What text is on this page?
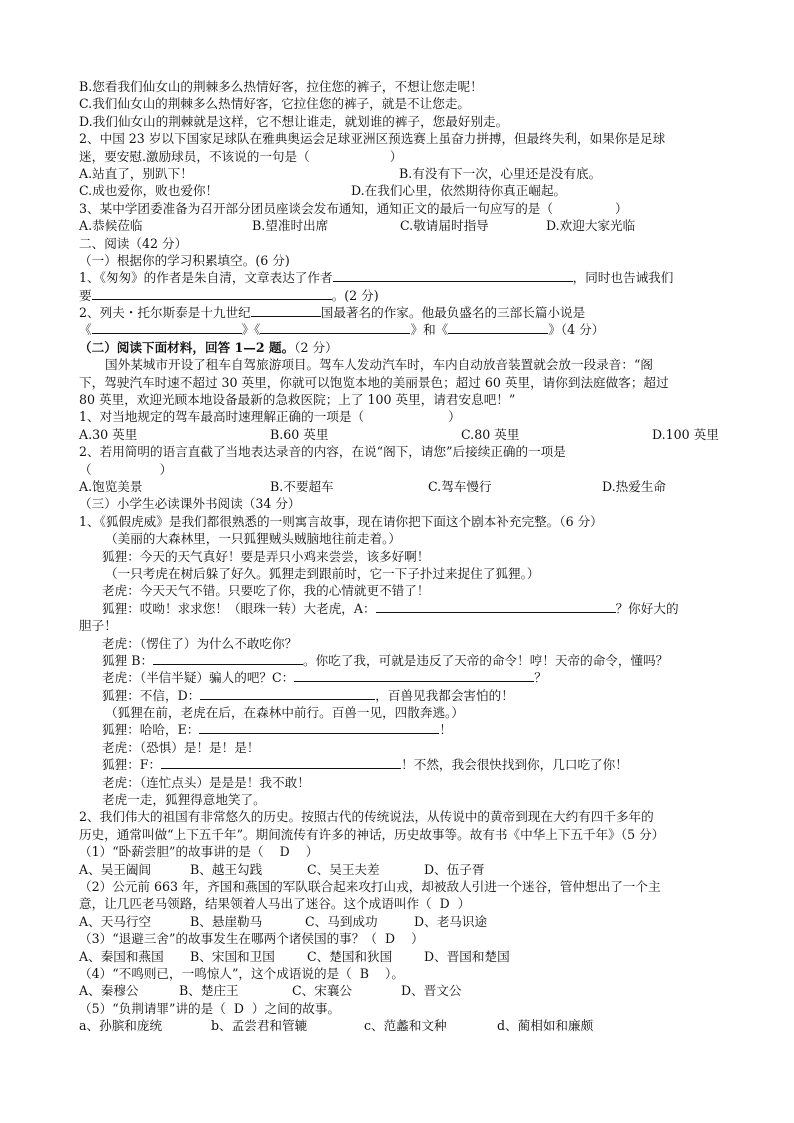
B.您看我们仙女山的荆棘多么热情好客，拉住您的裤子，不想让您走呢！
C.我们仙女山的荆棘多么热情好客，它拉住您的裤子，就是不让您走。
D.我们仙女山的荆棘就是这样，它不想让谁走，就划谁的裤子，您最好别走。
2、中国 23 岁以下国家足球队在雅典奥运会足球亚洲区预选赛上虽奋力拼搏，但最终失利，如果你是足球
迷，要安慰.激励球员，不该说的一句是（	）
A.站直了，别趴下！	B.有没有下一次，心里还是没有底。
C.成也爱你，败也爱你！	D.在我们心里，依然期待你真正崛起。
3、某中学团委准备为召开部分团员座谈会发布通知，通知正文的最后一句应写的是（	）
A.恭候莅临	B.望准时出席	C.敬请届时指导	D.欢迎大家光临
二、阅读（42 分）
（一）根据你的学习积累填空。(6 分)
1、《匆匆》的作者是朱自清，文章表达了作者	，同时也告诫我们
要	。(2 分)
2、列夫・托尔斯泰是十九世纪	国最著名的作家。他最负盛名的三部长篇小说是
《	》《	》和《	》（4 分）
（二）阅读下面材料，回答 1—2 题。（2 分）
国外某城市开设了租车自驾旅游项目。驾车人发动汽车时，车内自动放音装置就会放一段录音：“阁
下，驾驶汽车时速不超过 30 英里，你就可以饱览本地的美丽景色；超过 60 英里，请你到法庭做客；超过
80 英里，欢迎光顾本地设备最新的急救医院；上了 100 英里，请君安息吧！”
1、对当地规定的驾车最高时速理解正确的一项是（	）
A.30 英里	B.60 英里	C.80 英里	D.100 英里
2、若用简明的语言直截了当地表达录音的内容，在说“阁下，请您”后接续正确的一项是
（	）
A.饱览美景	B.不要超车	C.驾车慢行	D.热爱生命
（三）小学生必读课外书阅读（34 分）
1、《狐假虎威》是我们都很熟悉的一则寓言故事，现在请你把下面这个剧本补充完整。（6 分）
（美丽的大森林里，一只狐狸贼头贼脑地往前走着。）
狐狸：今天的天气真好！要是弄只小鸡来尝尝，该多好啊！
（一只考虎在树后躲了好久。狐狸走到跟前时，它一下子扑过来捉住了狐狸。）
老虎：今天天气不错。只要吃了你，我的心情就更不错了！
狐狸：哎呦！求求您！（眼珠一转）大老虎，A：	？你好大的
胆子！
老虎：（愣住了）为什么不敢吃你？
狐狸 B：	。你吃了我，可就是违反了天帝的命令！哼！天帝的命令，懂吗？
老虎：（半信半疑）骗人的吧？C：	？
狐狸：不信，D：	，百兽见我都会害怕的！
（狐狸在前，老虎在后，在森林中前行。百兽一见，四散奔逃。）
狐狸：哈哈，E：	！
老虎：（恐惧）是！是！是！
狐狸：F：	！不然，我会很快找到你，几口吃了你！
老虎：（连忙点头）是是是！我不敢！
老虎一走，狐狸得意地笑了。
2、我们伟大的祖国有非常悠久的历史。按照古代的传统说法，从传说中的黄帝到现在大约有四千多年的
历史，通常叫做“上下五千年”。期间流传有许多的神话，历史故事等。故有书《中华上下五千年》（5 分）
（1）“卧薪尝胆”的故事讲的是（    D    ）
A、吴王阖闾	B、越王勾践	C、吴王夫差	D、伍子胥
（2）公元前 663 年，齐国和燕国的军队联合起来攻打山戎，却被敌人引进一个迷谷，管仲想出了一个主
意，让几匹老马领路，结果领着人马出了迷谷。这个成语叫作（  D  ）
A、天马行空	B、悬崖勒马	C、马到成功	D、老马识途
（3）“退避三舍”的故事发生在哪两个诸侯国的事？（  D    ）
A、秦国和燕国 B、宋国和卫国	C、楚国和狄国	D、晋国和楚国
（4）“不鸣则已，一鸣惊人”，这个成语说的是（  B    ）。
A、秦穆公	B、楚庄王	C、宋襄公	D、晋文公
（5）“负荆请罪”讲的是（  D  ）之间的故事。
a、孙膑和庞统	b、孟尝君和管辘	c、范蠡和文种	d、蔺相如和廉颇
